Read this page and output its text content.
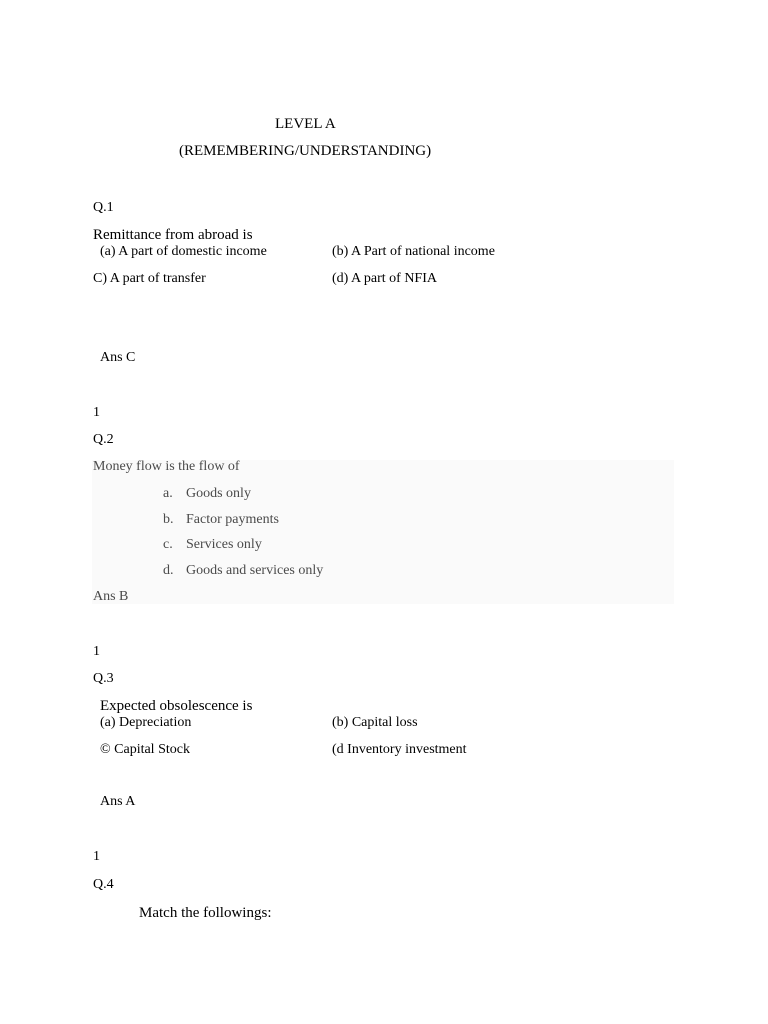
LEVEL A
(REMEMBERING/UNDERSTANDING)
Q.1
Remittance from abroad is
(a) A part of domestic income	(b) A Part of national income
C) A part of transfer	(d) A part of NFIA
Ans C
1
Q.2
Money flow is the flow of
a. Goods only
b. Factor payments
c. Services only
d. Goods and services only
Ans B
1
Q.3
Expected obsolescence is
(a) Depreciation	(b) Capital loss
© Capital Stock	(d Inventory investment
Ans A
1
Q.4
Match the followings:
